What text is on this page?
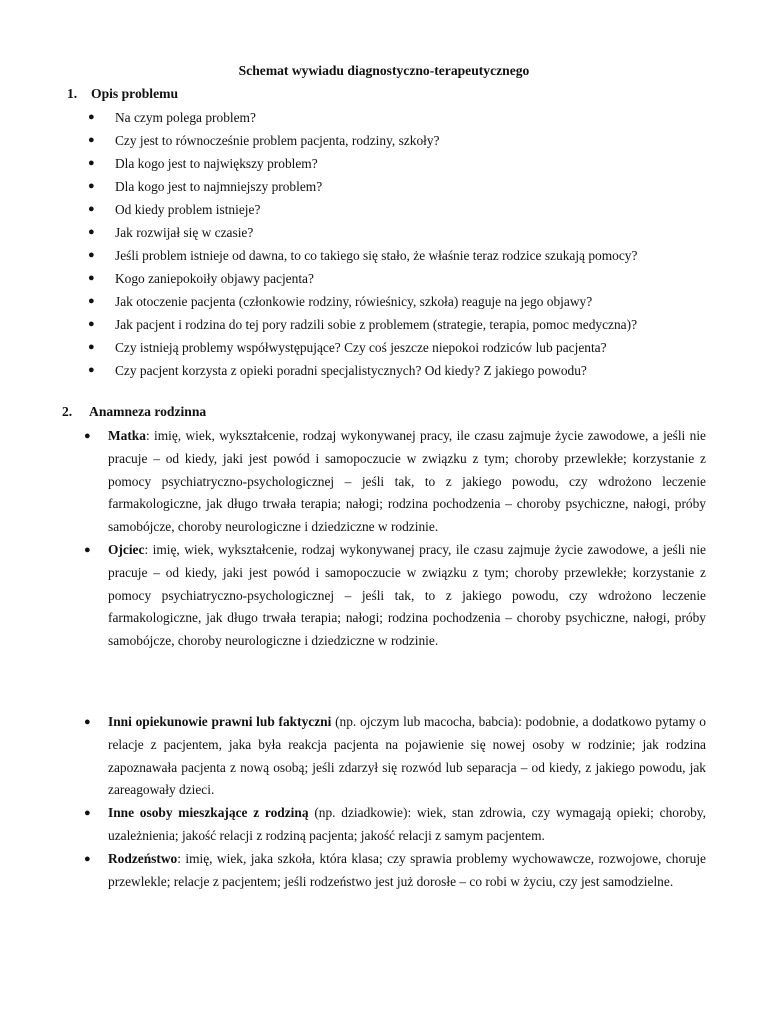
Schemat wywiadu diagnostyczno-terapeutycznego
1. Opis problemu
● Na czym polega problem?
● Czy jest to równocześnie problem pacjenta, rodziny, szkoły?
● Dla kogo jest to największy problem?
● Dla kogo jest to najmniejszy problem?
● Od kiedy problem istnieje?
● Jak rozwijał się w czasie?
● Jeśli problem istnieje od dawna, to co takiego się stało, że właśnie teraz rodzice szukają pomocy?
● Kogo zaniepokoiły objawy pacjenta?
● Jak otoczenie pacjenta (członkowie rodziny, rówieśnicy, szkoła) reaguje na jego objawy?
● Jak pacjent i rodzina do tej pory radzili sobie z problemem (strategie, terapia, pomoc medyczna)?
● Czy istnieją problemy współwystępujące? Czy coś jeszcze niepokoi rodziców lub pacjenta?
● Czy pacjent korzysta z opieki poradni specjalistycznych? Od kiedy? Z jakiego powodu?
2. Anamneza rodzinna
● Matka: imię, wiek, wykształcenie, rodzaj wykonywanej pracy, ile czasu zajmuje życie zawodowe, a jeśli nie pracuje – od kiedy, jaki jest powód i samopoczucie w związku z tym; choroby przewlekłe; korzystanie z pomocy psychiatryczno-psychologicznej – jeśli tak, to z jakiego powodu, czy wdrożono leczenie farmakologiczne, jak długo trwała terapia; nałogi; rodzina pochodzenia – choroby psychiczne, nałogi, próby samobójcze, choroby neurologiczne i dziedziczne w rodzinie.
● Ojciec: imię, wiek, wykształcenie, rodzaj wykonywanej pracy, ile czasu zajmuje życie zawodowe, a jeśli nie pracuje – od kiedy, jaki jest powód i samopoczucie w związku z tym; choroby przewlekłe; korzystanie z pomocy psychiatryczno-psychologicznej – jeśli tak, to z jakiego powodu, czy wdrożono leczenie farmakologiczne, jak długo trwała terapia; nałogi; rodzina pochodzenia – choroby psychiczne, nałogi, próby samobójcze, choroby neurologiczne i dziedziczne w rodzinie.
● Inni opiekunowie prawni lub faktyczni (np. ojczym lub macocha, babcia): podobnie, a dodatkowo pytamy o relacje z pacjentem, jaka była reakcja pacjenta na pojawienie się nowej osoby w rodzinie; jak rodzina zapoznawała pacjenta z nową osobą; jeśli zdarzył się rozwód lub separacja – od kiedy, z jakiego powodu, jak zareagowały dzieci.
● Inne osoby mieszkające z rodziną (np. dziadkowie): wiek, stan zdrowia, czy wymagają opieki; choroby, uzależnienia; jakość relacji z rodziną pacjenta; jakość relacji z samym pacjentem.
● Rodzeństwo: imię, wiek, jaka szkoła, która klasa; czy sprawia problemy wychowawcze, rozwojowe, choruje przewlekle; relacje z pacjentem; jeśli rodzeństwo jest już dorosłe – co robi w życiu, czy jest samodzielne.
